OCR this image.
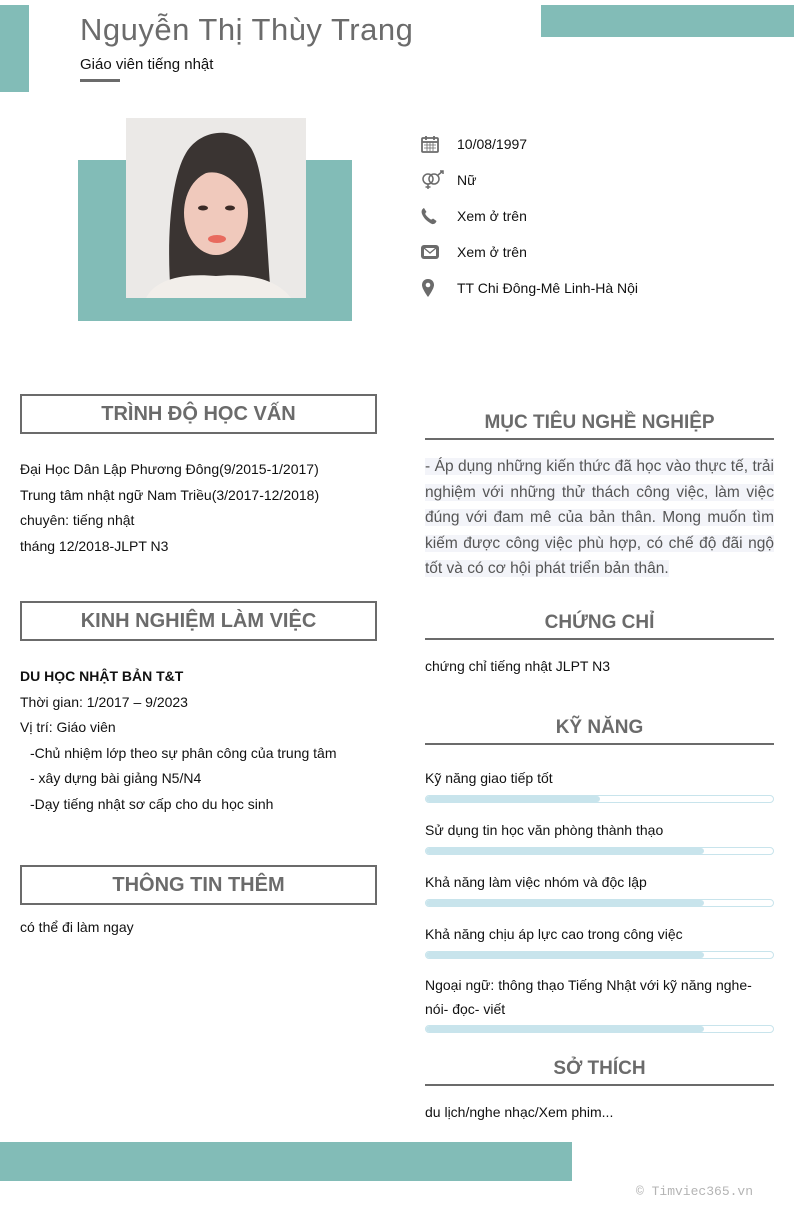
Nguyễn Thị Thùy Trang
Giáo viên tiếng nhật
10/08/1997
Nữ
Xem ở trên
Xem ở trên
TT Chi Đông-Mê Linh-Hà Nội
TRÌNH ĐỘ HỌC VẤN
Đại Học Dân Lập Phương Đông(9/2015-1/2017)
Trung tâm nhật ngữ Nam Triều(3/2017-12/2018)
chuyên: tiếng nhật
tháng 12/2018-JLPT N3
KINH NGHIỆM LÀM VIỆC
DU HỌC NHẬT BẢN T&T
Thời gian: 1/2017 – 9/2023
Vị trí: Giáo viên
-Chủ nhiệm lớp theo sự phân công của trung tâm
- xây dựng bài giảng N5/N4
-Dạy tiếng nhật sơ cấp cho du học sinh
THÔNG TIN THÊM
có thể đi làm ngay
MỤC TIÊU NGHỀ NGHIỆP
- Áp dụng những kiến thức đã học vào thực tế, trải nghiệm với những thử thách công việc, làm việc đúng với đam mê của bản thân. Mong muốn tìm kiếm được công việc phù hợp, có chế độ đãi ngộ tốt và có cơ hội phát triển bản thân.
CHỨNG CHỈ
chứng chỉ tiếng nhật JLPT N3
KỸ NĂNG
Kỹ năng giao tiếp tốt
Sử dụng tin học văn phòng thành thạo
Khả năng làm việc nhóm và độc lập
Khả năng chịu áp lực cao trong công việc
Ngoại ngữ: thông thạo Tiếng Nhật với kỹ năng nghe- nói- đọc- viết
SỞ THÍCH
du lịch/nghe nhạc/Xem phim...
© Timviec365.vn
